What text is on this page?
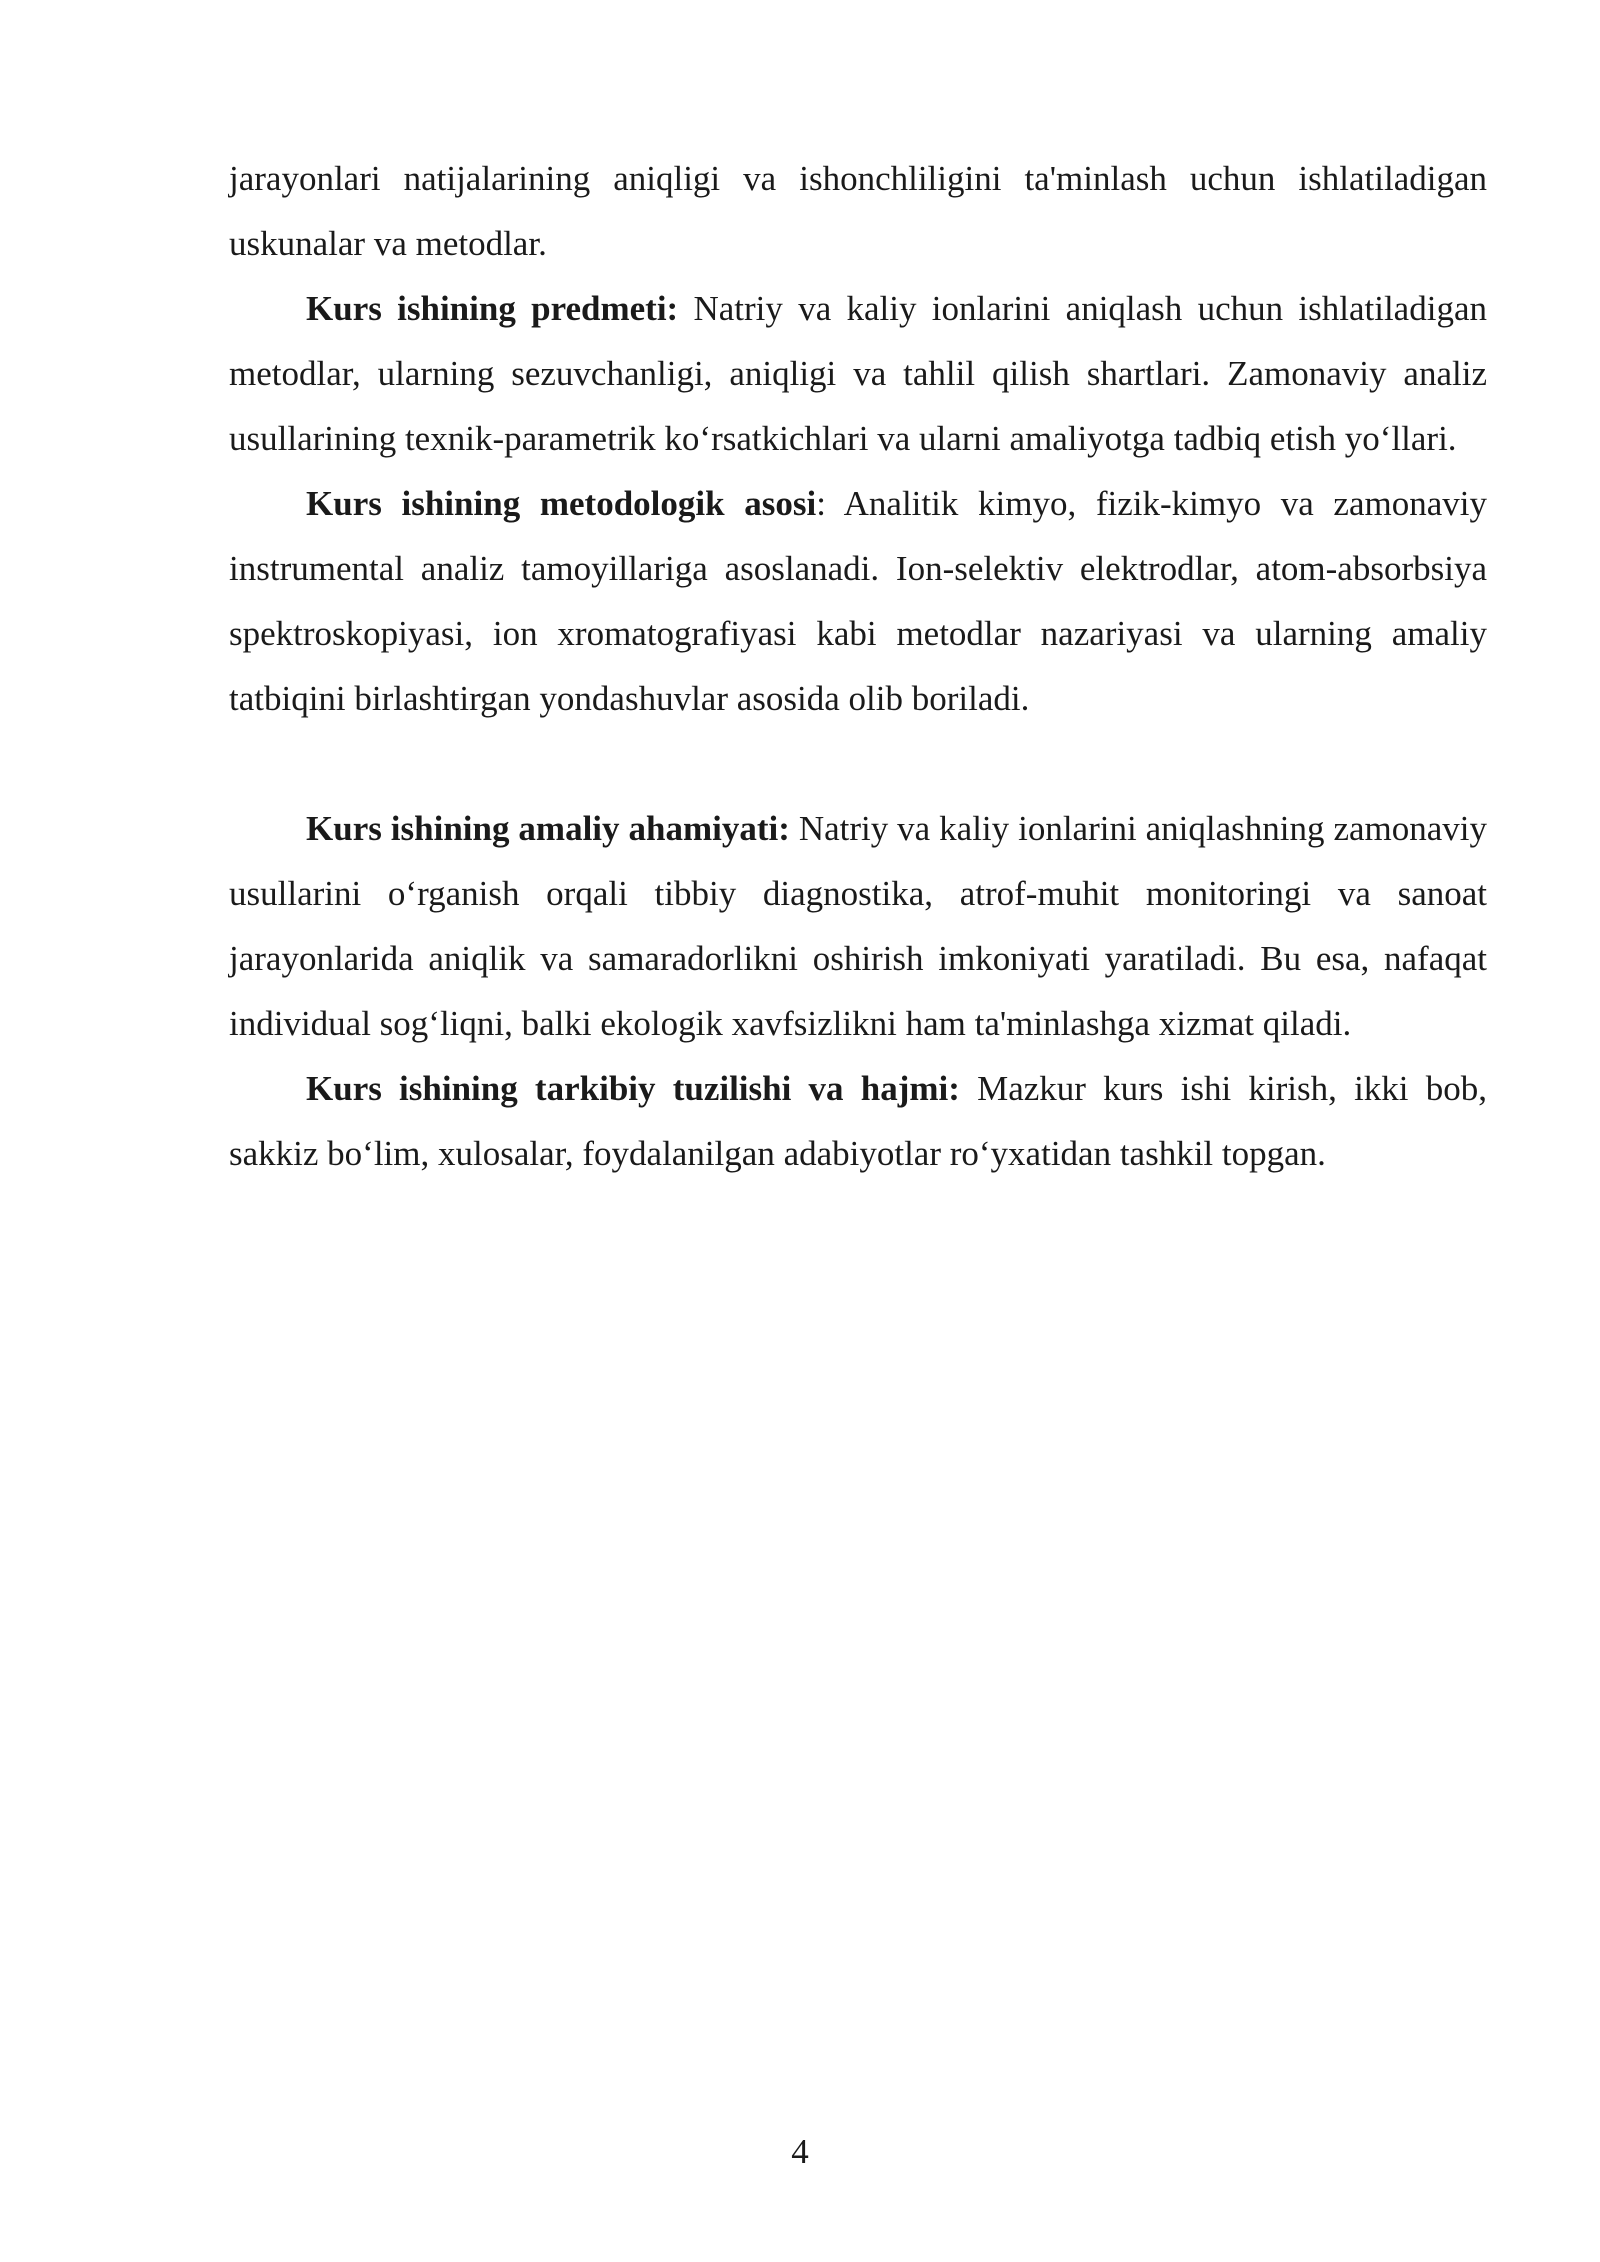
jarayonlari natijalarining aniqligi va ishonchliligini ta'minlash uchun ishlatiladigan uskunalar va metodlar.

Kurs ishining predmeti: Natriy va kaliy ionlarini aniqlash uchun ishlatiladigan metodlar, ularning sezuvchanligi, aniqligi va tahlil qilish shartlari. Zamonaviy analiz usullarining texnik-parametrik ko‘rsatkichlari va ularni amaliyotga tadbiq etish yo‘llari.

Kurs ishining metodologik asosi: Analitik kimyo, fizik-kimyo va zamonaviy instrumental analiz tamoyillariga asoslanadi. Ion-selektiv elektrodlar, atom-absorbsiya spektroskopiyasi, ion xromatografiyasi kabi metodlar nazariyasi va ularning amaliy tatbiqini birlashtirgan yondashuvlar asosida olib boriladi.

Kurs ishining amaliy ahamiyati: Natriy va kaliy ionlarini aniqlashning zamonaviy usullarini o‘rganish orqali tibbiy diagnostika, atrof-muhit monitoringi va sanoat jarayonlarida aniqlik va samaradorlikni oshirish imkoniyati yaratiladi. Bu esa, nafaqat individual sog‘liqni, balki ekologik xavfsizlikni ham ta'minlashga xizmat qiladi.

Kurs ishining tarkibiy tuzilishi va hajmi: Mazkur kurs ishi kirish, ikki bob, sakkiz bo‘lim, xulosalar, foydalanilgan adabiyotlar ro‘yxatidan tashkil topgan.

4
